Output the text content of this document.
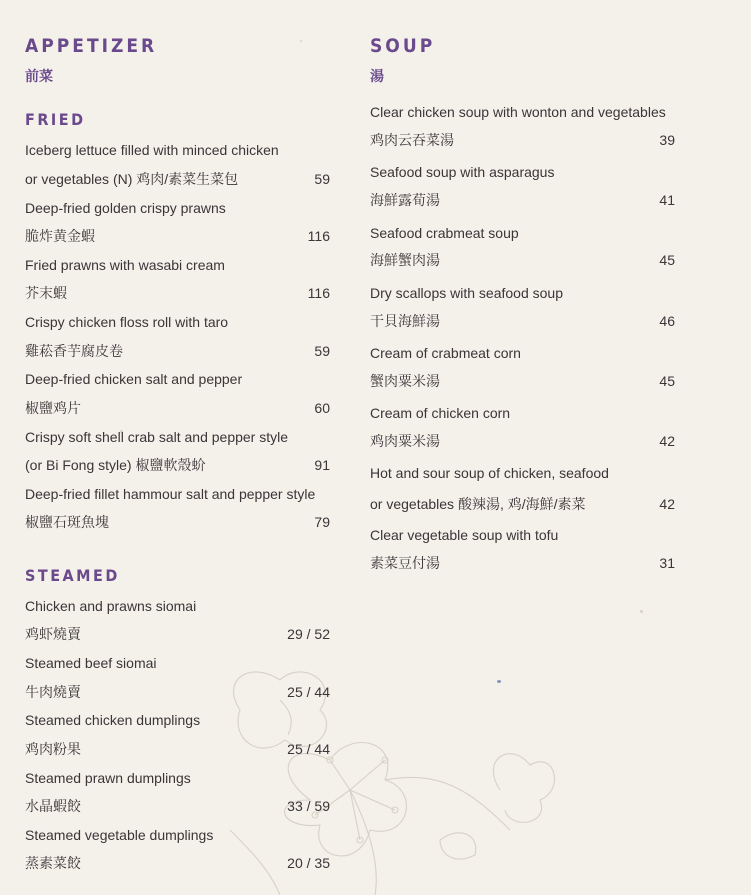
APPETIZER
前菜
FRIED
Iceberg lettuce filled with minced chicken
or vegetables (N) 鸡肉/素菜生菜包	59
Deep-fried golden crispy prawns
脆炸黄金蝦	116
Fried prawns with wasabi cream
芥末蝦	116
Crispy chicken floss roll with taro
雞菘香芋腐皮卷	59
Deep-fried chicken salt and pepper
椒鹽鸡片	60
Crispy soft shell crab salt and pepper style
(or Bi Fong style) 椒鹽軟殼蚧	91
Deep-fried fillet hammour salt and pepper style
椒鹽石斑魚塊	79
STEAMED
Chicken and prawns siomai
鸡虾燒賣	29 / 52
Steamed beef siomai
牛肉燒賣	25 / 44
Steamed chicken dumplings
鸡肉粉果	25 / 44
Steamed prawn dumplings
水晶蝦餃	33 / 59
Steamed vegetable dumplings
蒸素菜餃	20 / 35
SOUP
湯
Clear chicken soup with wonton and vegetables
鸡肉云吞菜湯	39
Seafood soup with asparagus
海鮮露荀湯	41
Seafood crabmeat soup
海鮮蟹肉湯	45
Dry scallops with seafood soup
干貝海鮮湯	46
Cream of crabmeat corn
蟹肉粟米湯	45
Cream of chicken corn
鸡肉粟米湯	42
Hot and sour soup of chicken, seafood
or vegetables 酸辣湯, 鸡/海鮮/素菜	42
Clear vegetable soup with tofu
素菜豆付湯	31
